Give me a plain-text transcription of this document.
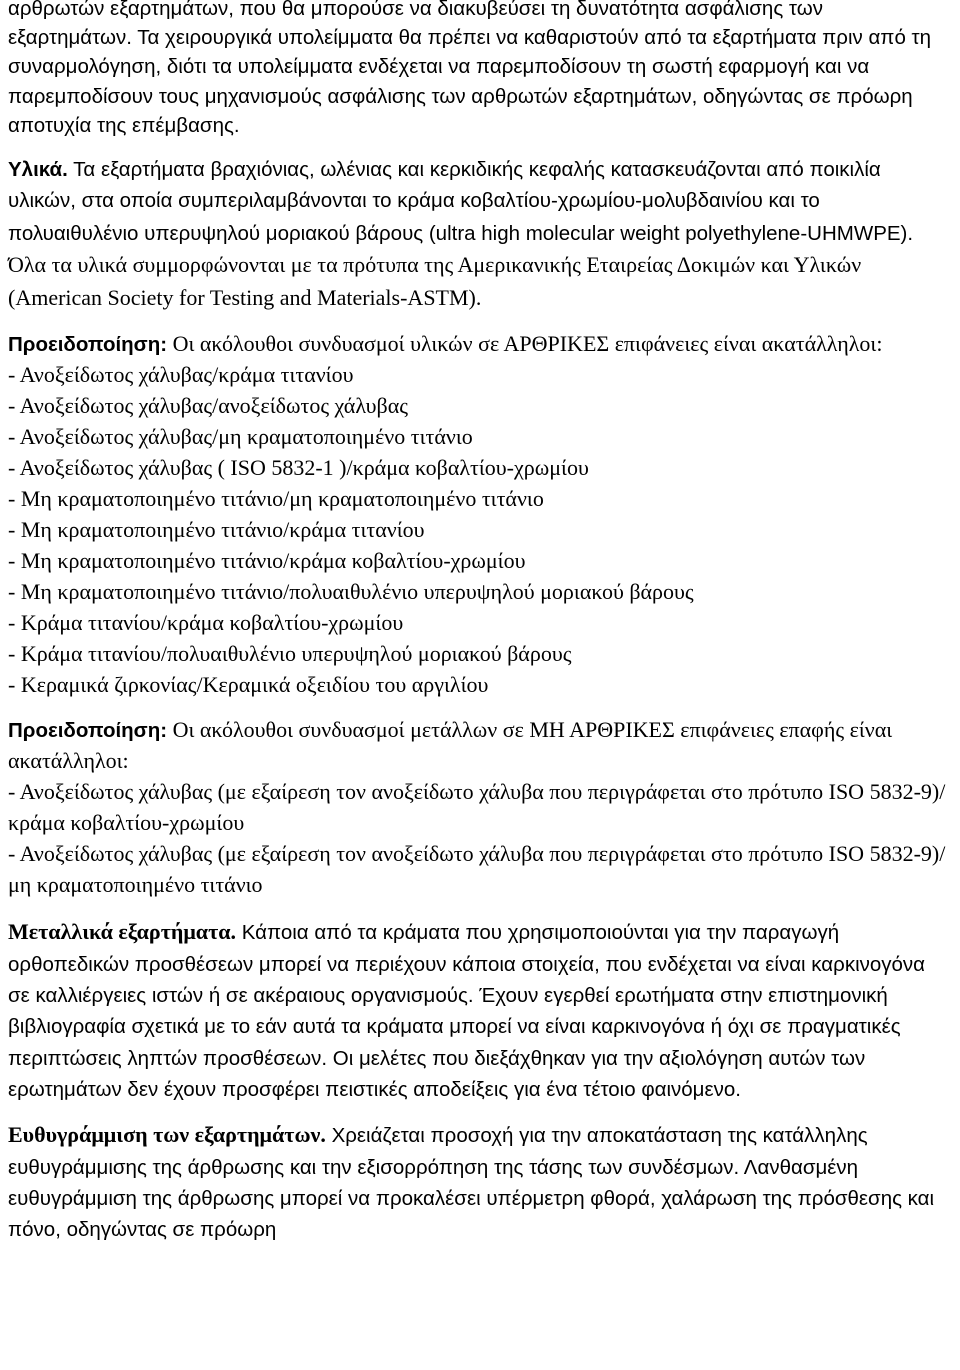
αρθρωτών εξαρτημάτων, που θα μπορούσε να διακυβεύσει τη δυνατότητα ασφάλισης των εξαρτημάτων. Τα χειρουργικά υπολείμματα θα πρέπει να καθαριστούν από τα εξαρτήματα πριν από τη συναρμολόγηση, διότι τα υπολείμματα ενδέχεται να παρεμποδίσουν τη σωστή εφαρμογή και να παρεμποδίσουν τους μηχανισμούς ασφάλισης των αρθρωτών εξαρτημάτων, οδηγώντας σε πρόωρη αποτυχία της επέμβασης.

Υλικά. Τα εξαρτήματα βραχιόνιας, ωλένιας και κερκιδικής κεφαλής κατασκευάζονται από ποικιλία υλικών, στα οποία συμπεριλαμβάνονται το κράμα κοβαλτίου-χρωμίου-μολυβδαινίου και το πολυαιθυλένιο υπερυψηλού μοριακού βάρους (ultra high molecular weight polyethylene-UHMWPE). Όλα τα υλικά συμμορφώνονται με τα πρότυπα της Αμερικανικής Εταιρείας Δοκιμών και Υλικών (American Society for Testing and Materials-ASTM).

Προειδοποίηση: Οι ακόλουθοι συνδυασμοί υλικών σε ΑΡΘΡΙΚΕΣ επιφάνειες είναι ακατάλληλοι:

- Ανοξείδωτος χάλυβας/κράμα τιτανίου
- Ανοξείδωτος χάλυβας/ανοξείδωτος χάλυβας
- Ανοξείδωτος χάλυβας/μη κραματοποιημένο τιτάνιο
- Ανοξείδωτος χάλυβας ( ISO 5832-1 )/κράμα κοβαλτίου-χρωμίου
- Μη κραματοποιημένο τιτάνιο/μη κραματοποιημένο τιτάνιο
- Μη κραματοποιημένο τιτάνιο/κράμα τιτανίου
- Μη κραματοποιημένο τιτάνιο/κράμα κοβαλτίου-χρωμίου
- Μη κραματοποιημένο τιτάνιο/πολυαιθυλένιο υπερυψηλού μοριακού βάρους
- Κράμα τιτανίου/κράμα κοβαλτίου-χρωμίου
- Κράμα τιτανίου/πολυαιθυλένιο υπερυψηλού μοριακού βάρους
- Κεραμικά ζιρκονίας/Κεραμικά οξειδίου του αργιλίου

Προειδοποίηση: Οι ακόλουθοι συνδυασμοί μετάλλων σε ΜΗ ΑΡΘΡΙΚΕΣ επιφάνειες επαφής είναι ακατάλληλοι:

- Ανοξείδωτος χάλυβας (με εξαίρεση τον ανοξείδωτο χάλυβα που περιγράφεται στο πρότυπο ISO 5832-9)/κράμα κοβαλτίου-χρωμίου
- Ανοξείδωτος χάλυβας (με εξαίρεση τον ανοξείδωτο χάλυβα που περιγράφεται στο πρότυπο ISO 5832-9)/μη κραματοποιημένο τιτάνιο

Μεταλλικά εξαρτήματα. Κάποια από τα κράματα που χρησιμοποιούνται για την παραγωγή ορθοπεδικών προσθέσεων μπορεί να περιέχουν κάποια στοιχεία, που ενδέχεται να είναι καρκινογόνα σε καλλιέργειες ιστών ή σε ακέραιους οργανισμούς. Έχουν εγερθεί ερωτήματα στην επιστημονική βιβλιογραφία σχετικά με το εάν αυτά τα κράματα μπορεί να είναι καρκινογόνα ή όχι σε πραγματικές περιπτώσεις ληπτών προσθέσεων. Οι μελέτες που διεξάχθηκαν για την αξιολόγηση αυτών των ερωτημάτων δεν έχουν προσφέρει πειστικές αποδείξεις για ένα τέτοιο φαινόμενο.

Ευθυγράμμιση των εξαρτημάτων. Χρειάζεται προσοχή για την αποκατάσταση της κατάλληλης ευθυγράμμισης της άρθρωσης και την εξισορρόπηση της τάσης των συνδέσμων. Λανθασμένη ευθυγράμμιση της άρθρωσης μπορεί να προκαλέσει υπέρμετρη φθορά, χαλάρωση της πρόσθεσης και πόνο, οδηγώντας σε πρόωρη
